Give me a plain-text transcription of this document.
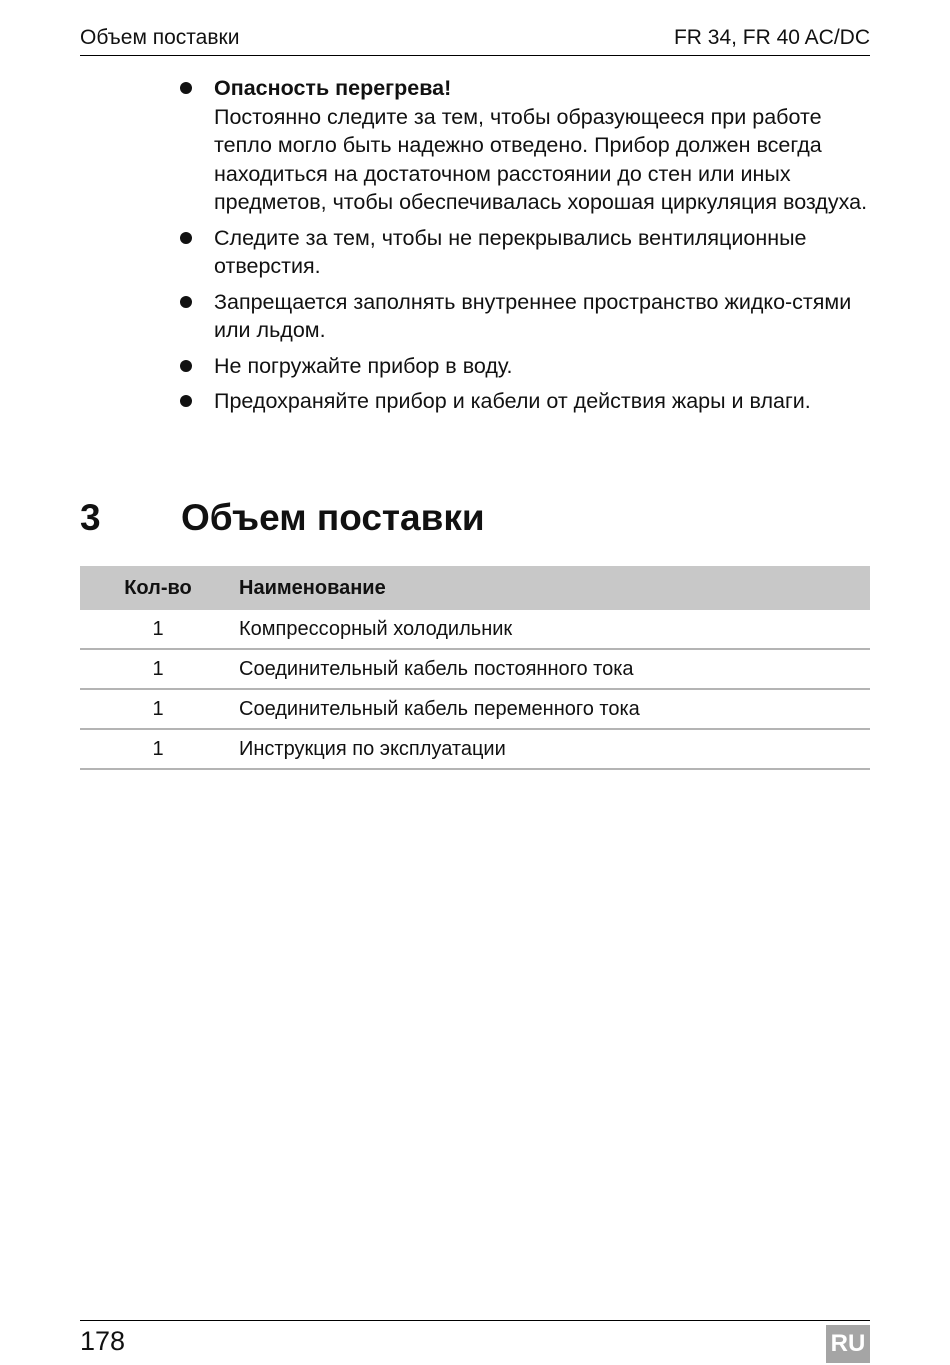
Объем поставки	FR 34, FR 40 AC/DC
Опасность перегрева!
Постоянно следите за тем, чтобы образующееся при работе тепло могло быть надежно отведено. Прибор должен всегда находиться на достаточном расстоянии до стен или иных предметов, чтобы обеспечивалась хорошая циркуляция воздуха.
Следите за тем, чтобы не перекрывались вентиляционные отверстия.
Запрещается заполнять внутреннее пространство жидко-стями или льдом.
Не погружайте прибор в воду.
Предохраняйте прибор и кабели от действия жары и влаги.
3 Объем поставки
Кол-во	Наименование
1	Компрессорный холодильник
1	Соединительный кабель постоянного тока
1	Соединительный кабель переменного тока
1	Инструкция по эксплуатации
178	RU
